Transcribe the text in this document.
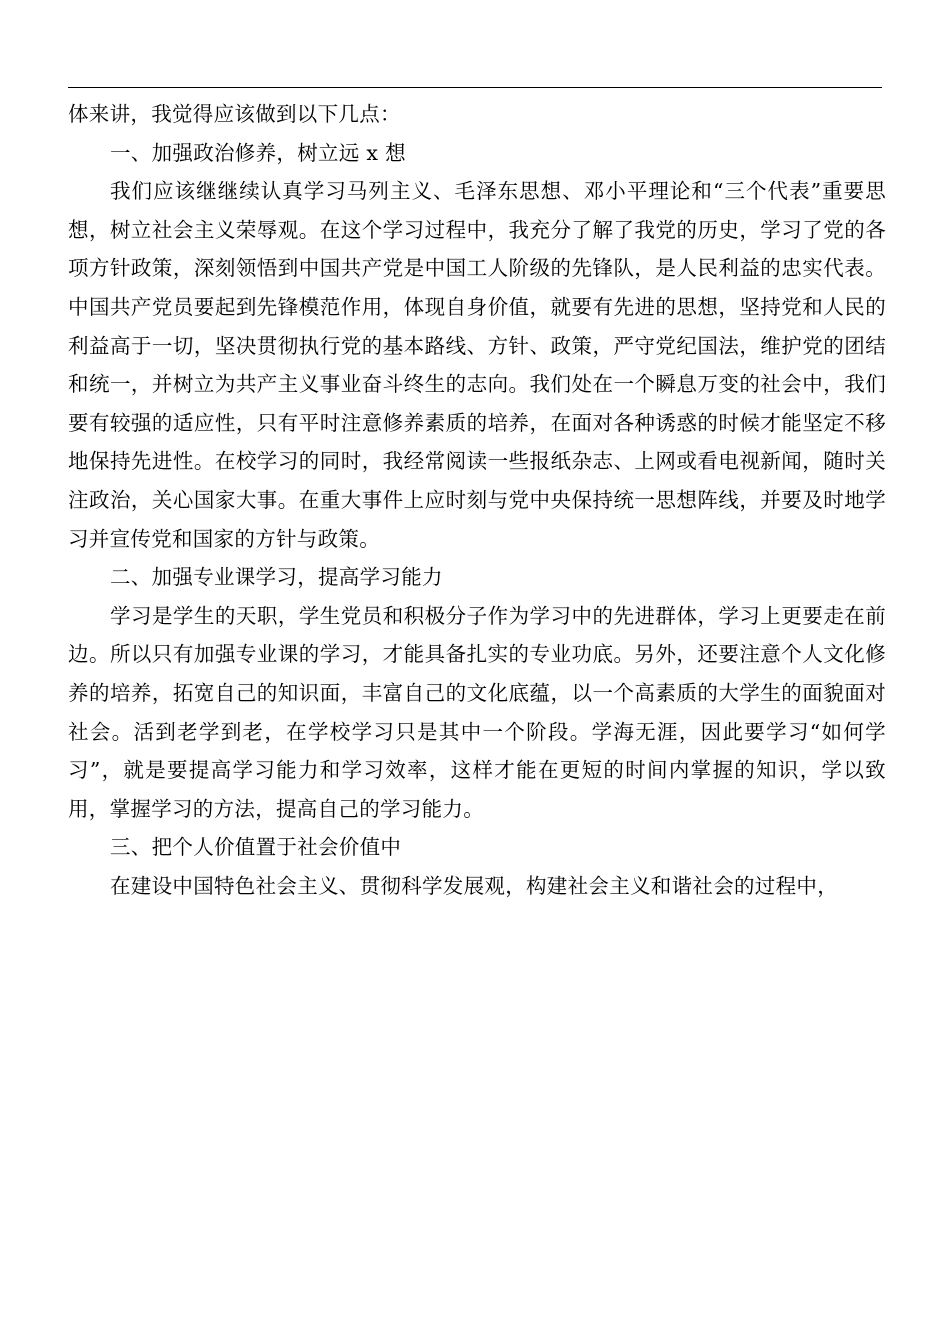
体来讲，我觉得应该做到以下几点：

一、加强政治修养，树立远 x 想

我们应该继继续认真学习马列主义、毛泽东思想、邓小平理论和“三个代表”重要思想，树立社会主义荣辱观。在这个学习过程中，我充分了解了我党的历史，学习了党的各项方针政策，深刻领悟到中国共产党是中国工人阶级的先锋队，是人民利益的忠实代表。中国共产党员要起到先锋模范作用，体现自身价值，就要有先进的思想，坚持党和人民的利益高于一切，坚决贯彻执行党的基本路线、方针、政策，严守党纪国法，维护党的团结和统一，并树立为共产主义事业奋斗终生的志向。我们处在一个瞬息万变的社会中，我们要有较强的适应性，只有平时注意修养素质的培养，在面对各种诱惑的时候才能坚定不移地保持先进性。在校学习的同时，我经常阅读一些报纸杂志、上网或看电视新闻，随时关注政治，关心国家大事。在重大事件上应时刻与党中央保持统一思想阵线，并要及时地学习并宣传党和国家的方针与政策。

二、加强专业课学习，提高学习能力

学习是学生的天职，学生党员和积极分子作为学习中的先进群体，学习上更要走在前边。所以只有加强专业课的学习，才能具备扎实的专业功底。另外，还要注意个人文化修养的培养，拓宽自己的知识面，丰富自己的文化底蕴，以一个高素质的大学生的面貌面对社会。活到老学到老，在学校学习只是其中一个阶段。学海无涯，因此要学习“如何学习”，就是要提高学习能力和学习效率，这样才能在更短的时间内掌握的知识，学以致用，掌握学习的方法，提高自己的学习能力。

三、把个人价值置于社会价值中

在建设中国特色社会主义、贯彻科学发展观，构建社会主义和谐社会的过程中，
